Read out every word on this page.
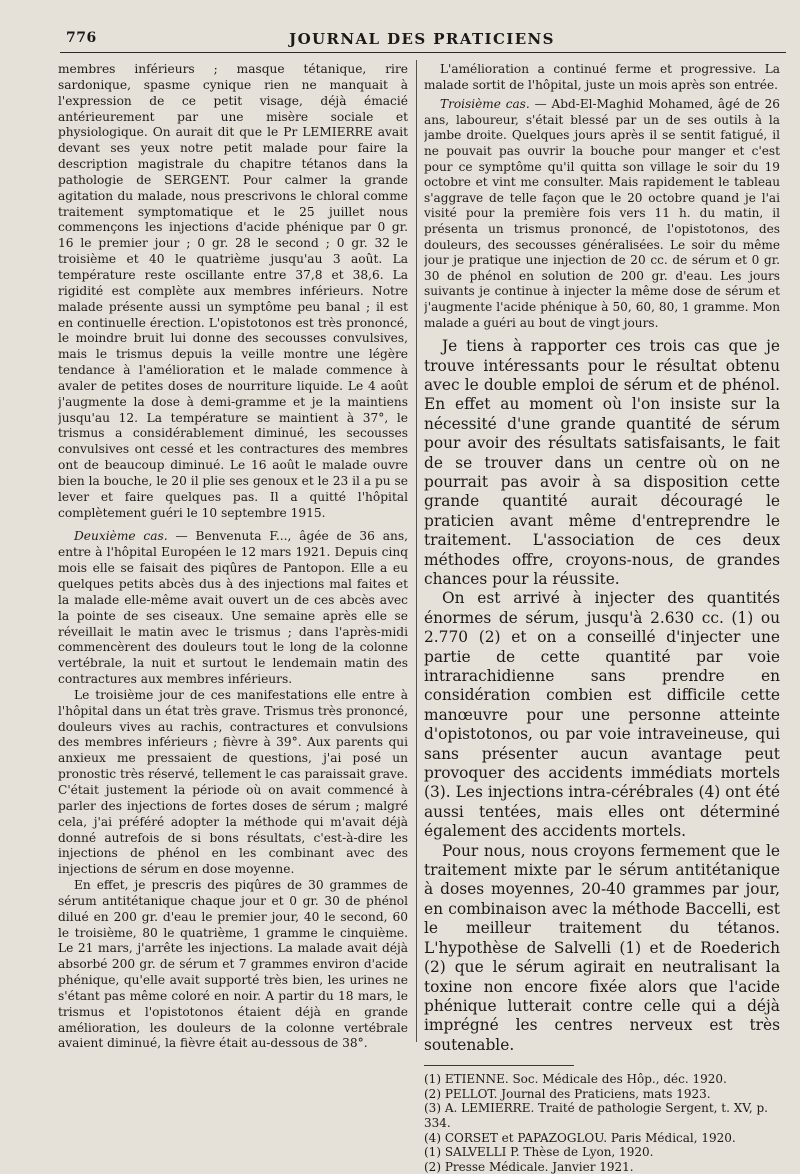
776	JOURNAL DES PRATICIENS

membres inférieurs ; masque tétanique, rire sardonique, spasme cynique rien ne manquait à l'expression de ce petit visage, déjà émacié antérieurement par une misère sociale et physiologique. On aurait dit que le Pr LEMIERRE avait devant ses yeux notre petit malade pour faire la description magistrale du chapitre tétanos dans la pathologie de SERGENT. Pour calmer la grande agitation du malade, nous prescrivons le chloral comme traitement symptomatique et le 25 juillet nous commençons les injections d'acide phénique par 0 gr. 16 le premier jour ; 0 gr. 28 le second ; 0 gr. 32 le troisième et 40 le quatrième jusqu'au 3 août. La température reste oscillante entre 37,8 et 38,6. La rigidité est complète aux membres inférieurs. Notre malade présente aussi un symptôme peu banal ; il est en continuelle érection. L'opistotonos est très prononcé, le moindre bruit lui donne des secousses convulsives, mais le trismus depuis la veille montre une légère tendance à l'amélioration et le malade commence à avaler de petites doses de nourriture liquide. Le 4 août j'augmente la dose à demi-gramme et je la maintiens jusqu'au 12. La température se maintient à 37°, le trismus a considérablement diminué, les secousses convulsives ont cessé et les contractures des membres ont de beaucoup diminué. Le 16 août le malade ouvre bien la bouche, le 20 il plie ses genoux et le 23 il a pu se lever et faire quelques pas. Il a quitté l'hôpital complètement guéri le 10 septembre 1915.

Deuxième cas. — Benvenuta F..., âgée de 36 ans, entre à l'hôpital Européen le 12 mars 1921. Depuis cinq mois elle se faisait des piqûres de Pantopon. Elle a eu quelques petits abcès dus à des injections mal faites et la malade elle-même avait ouvert un de ces abcès avec la pointe de ses ciseaux. Une semaine après elle se réveillait le matin avec le trismus ; dans l'après-midi commencèrent des douleurs tout le long de la colonne vertébrale, la nuit et surtout le lendemain matin des contractures aux membres inférieurs.

Le troisième jour de ces manifestations elle entre à l'hôpital dans un état très grave. Trismus très prononcé, douleurs vives au rachis, contractures et convulsions des membres inférieurs ; fièvre à 39°. Aux parents qui anxieux me pressaient de questions, j'ai posé un pronostic très réservé, tellement le cas paraissait grave. C'était justement la période où on avait commencé à parler des injections de fortes doses de sérum ; malgré cela, j'ai préféré adopter la méthode qui m'avait déjà donné autrefois de si bons résultats, c'est-à-dire les injections de phénol en les combinant avec des injections de sérum en dose moyenne.

En effet, je prescris des piqûres de 30 grammes de sérum antitétanique chaque jour et 0 gr. 30 de phénol dilué en 200 gr. d'eau le premier jour, 40 le second, 60 le troisième, 80 le quatrième, 1 gramme le cinquième. Le 21 mars, j'arrête les injections. La malade avait déjà absorbé 200 gr. de sérum et 7 grammes environ d'acide phénique, qu'elle avait supporté très bien, les urines ne s'étant pas même coloré en noir. A partir du 18 mars, le trismus et l'opistotonos étaient déjà en grande amélioration, les douleurs de la colonne vertébrale avaient diminué, la fièvre était au-dessous de 38°.

L'amélioration a continué ferme et progressive. La malade sortit de l'hôpital, juste un mois après son entrée.

Troisième cas. — Abd-El-Maghid Mohamed, âgé de 26 ans, laboureur, s'était blessé par un de ses outils à la jambe droite. Quelques jours après il se sentit fatigué, il ne pouvait pas ouvrir la bouche pour manger et c'est pour ce symptôme qu'il quitta son village le soir du 19 octobre et vint me consulter. Mais rapidement le tableau s'aggrave de telle façon que le 20 octobre quand je l'ai visité pour la première fois vers 11 h. du matin, il présenta un trismus prononcé, de l'opistotonos, des douleurs, des secousses généralisées. Le soir du même jour je pratique une injection de 20 cc. de sérum et 0 gr. 30 de phénol en solution de 200 gr. d'eau. Les jours suivants je continue à injecter la même dose de sérum et j'augmente l'acide phénique à 50, 60, 80, 1 gramme. Mon malade a guéri au bout de vingt jours.

Je tiens à rapporter ces trois cas que je trouve intéressants pour le résultat obtenu avec le double emploi de sérum et de phénol. En effet au moment où l'on insiste sur la nécessité d'une grande quantité de sérum pour avoir des résultats satisfaisants, le fait de se trouver dans un centre où on ne pourrait pas avoir à sa disposition cette grande quantité aurait découragé le praticien avant même d'entreprendre le traitement. L'association de ces deux méthodes offre, croyons-nous, de grandes chances pour la réussite.

On est arrivé à injecter des quantités énormes de sérum, jusqu'à 2.630 cc. (1) ou 2.770 (2) et on a conseillé d'injecter une partie de cette quantité par voie intrarachidienne sans prendre en considération combien est difficile cette manœuvre pour une personne atteinte d'opistotonos, ou par voie intraveineuse, qui sans présenter aucun avantage peut provoquer des accidents immédiats mortels (3). Les injections intra-cérébrales (4) ont été aussi tentées, mais elles ont déterminé également des accidents mortels.

Pour nous, nous croyons fermement que le traitement mixte par le sérum antitétanique à doses moyennes, 20-40 grammes par jour, en combinaison avec la méthode Baccelli, est le meilleur traitement du tétanos. L'hypothèse de Salvelli (1) et de Roederich (2) que le sérum agirait en neutralisant la toxine non encore fixée alors que l'acide phénique lutterait contre celle qui a déjà imprégné les centres nerveux est très soutenable.

(1) ETIENNE. Soc. Médicale des Hôp., déc. 1920.

(2) PELLOT. Journal des Praticiens, mats 1923.

(3) A. LEMIERRE. Traité de pathologie Sergent, t. XV, p. 334.

(4) CORSET et PAPAZOGLOU. Paris Médical, 1920.

(1) SALVELLI P. Thèse de Lyon, 1920.

(2) Presse Médicale. Janvier 1921.
